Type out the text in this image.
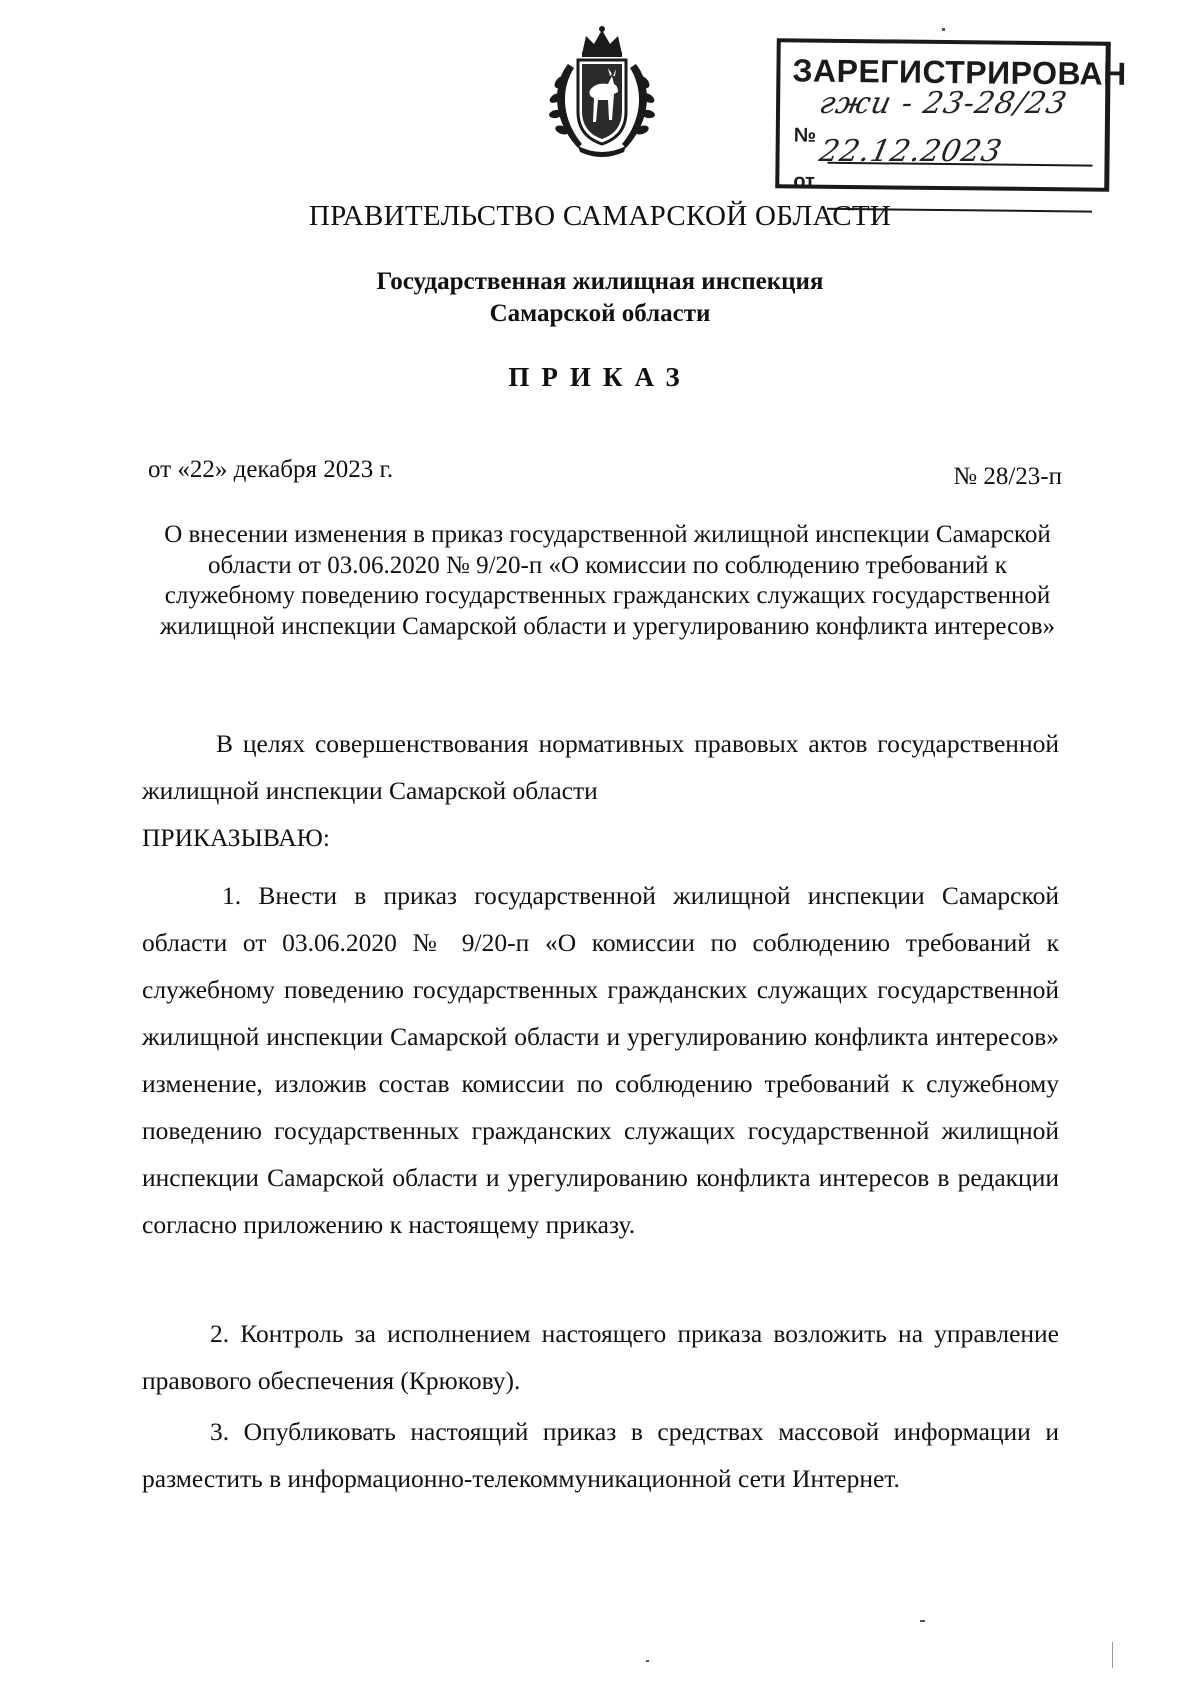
ЗАРЕГИСТРИРОВАН
№
от
гжи - 23-28/23
22.12.2023
ПРАВИТЕЛЬСТВО САМАРСКОЙ ОБЛАСТИ
Государственная жилищная инспекция
Самарской области
ПРИКАЗ
от «22» декабря 2023 г.	№ 28/23-п
О внесении изменения в приказ государственной жилищной инспекции Самарской области от 03.06.2020 № 9/20-п «О комиссии по соблюдению требований к служебному поведению государственных гражданских служащих государственной жилищной инспекции Самарской области и урегулированию конфликта интересов»
В целях совершенствования нормативных правовых актов государственной жилищной инспекции Самарской области
ПРИКАЗЫВАЮ:
1. Внести в приказ государственной жилищной инспекции Самарской области от 03.06.2020 № 9/20-п «О комиссии по соблюдению требований к служебному поведению государственных гражданских служащих государственной жилищной инспекции Самарской области и урегулированию конфликта интересов» изменение, изложив состав комиссии по соблюдению требований к служебному поведению государственных гражданских служащих государственной жилищной инспекции Самарской области и урегулированию конфликта интересов в редакции согласно приложению к настоящему приказу.
2. Контроль за исполнением настоящего приказа возложить на управление правового обеспечения (Крюкову).
3. Опубликовать настоящий приказ в средствах массовой информации и разместить в информационно-телекоммуникационной сети Интернет.
